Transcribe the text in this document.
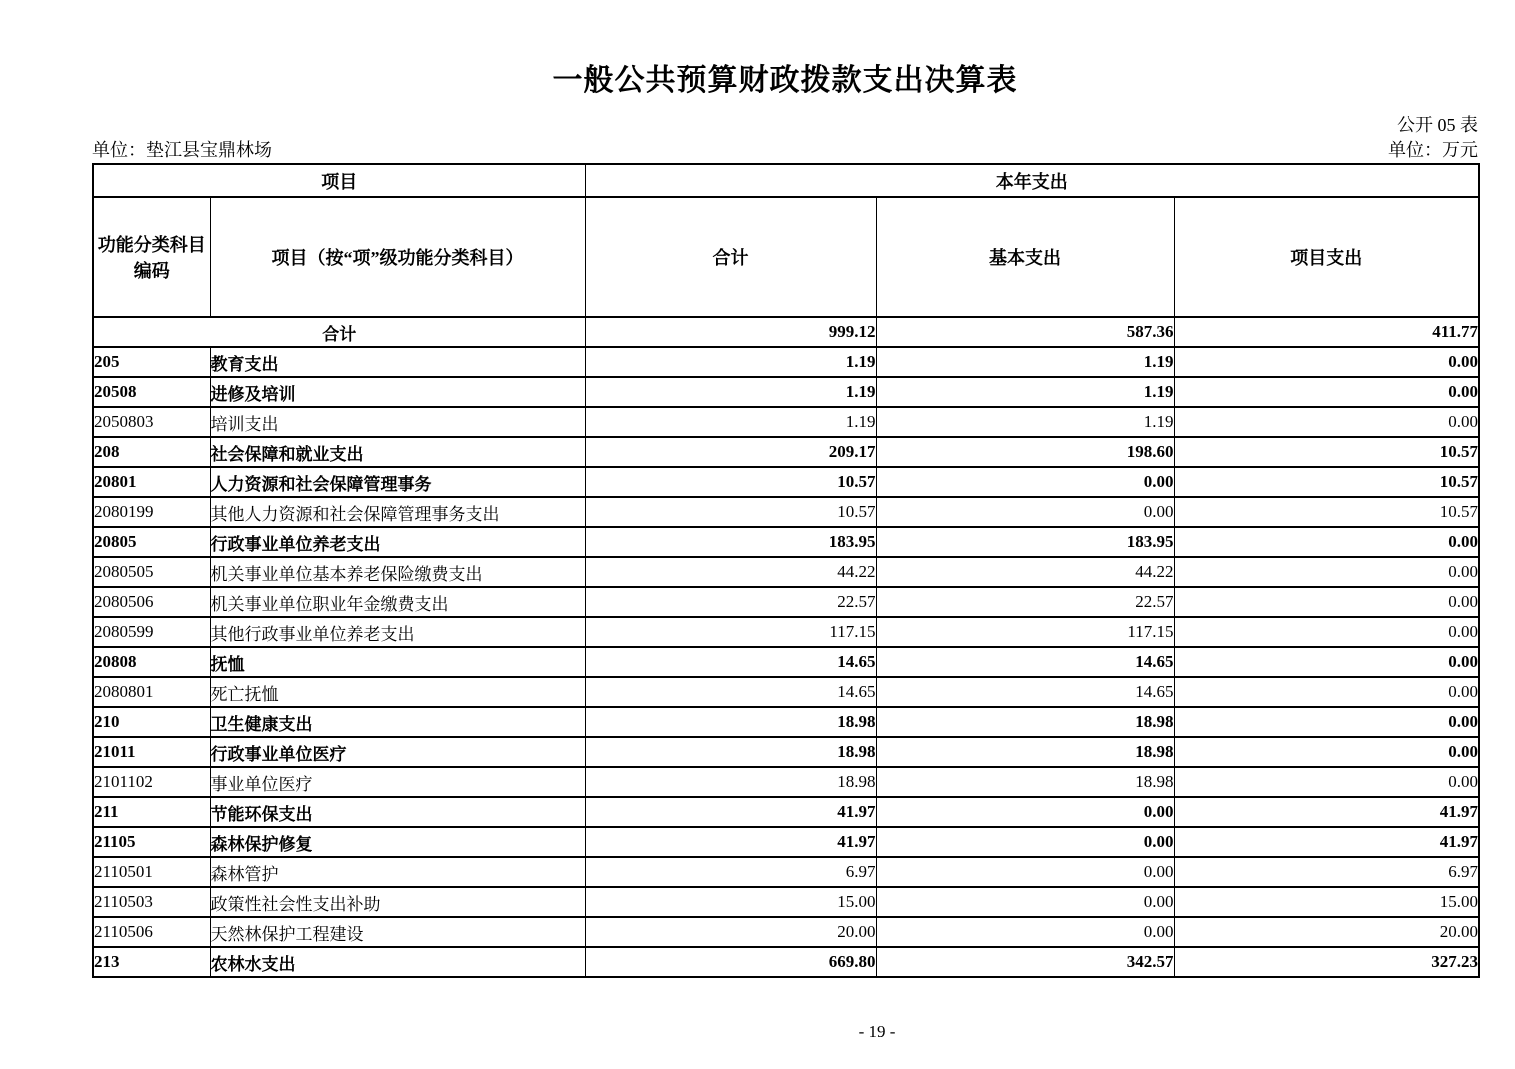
一般公共预算财政拨款支出决算表
公开 05 表
单位：垫江县宝鼎林场	单位：万元
项目		本年支出		

功能分类科目
编码	项目（按“项”级功能分类科目）	合计	基本支出	项目支出
合计		999.12	587.36	411.77
205	教育支出	1.19	1.19	0.00
20508	进修及培训	1.19	1.19	0.00
2050803	培训支出	1.19	1.19	0.00
208	社会保障和就业支出	209.17	198.60	10.57
20801	人力资源和社会保障管理事务	10.57	0.00	10.57
2080199	其他人力资源和社会保障管理事务支出	10.57	0.00	10.57
20805	行政事业单位养老支出	183.95	183.95	0.00
2080505	机关事业单位基本养老保险缴费支出	44.22	44.22	0.00
2080506	机关事业单位职业年金缴费支出	22.57	22.57	0.00
2080599	其他行政事业单位养老支出	117.15	117.15	0.00
20808	抚恤	14.65	14.65	0.00
2080801	死亡抚恤	14.65	14.65	0.00
210	卫生健康支出	18.98	18.98	0.00
21011	行政事业单位医疗	18.98	18.98	0.00
2101102	事业单位医疗	18.98	18.98	0.00
211	节能环保支出	41.97	0.00	41.97
21105	森林保护修复	41.97	0.00	41.97
2110501	森林管护	6.97	0.00	6.97
2110503	政策性社会性支出补助	15.00	0.00	15.00
2110506	天然林保护工程建设	20.00	0.00	20.00
213	农林水支出	669.80	342.57	327.23
- 19 -
